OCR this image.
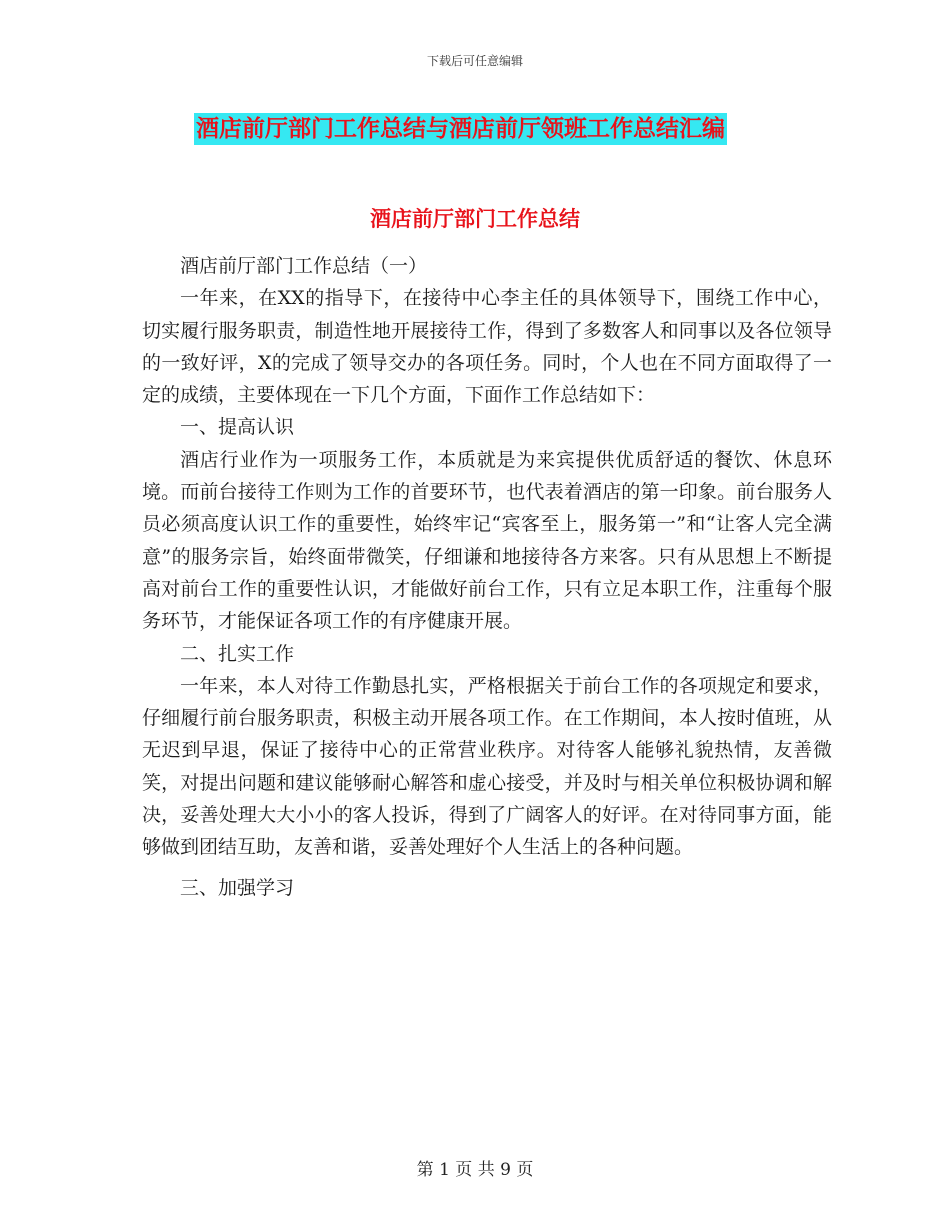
下载后可任意编辑
酒店前厅部门工作总结与酒店前厅领班工作总结汇编
酒店前厅部门工作总结

酒店前厅部门工作总结（一）

一年来，在XX的指导下，在接待中心李主任的具体领导下，围绕工作中心，切实履行服务职责，制造性地开展接待工作，得到了多数客人和同事以及各位领导的一致好评，X的完成了领导交办的各项任务。同时，个人也在不同方面取得了一定的成绩，主要体现在一下几个方面，下面作工作总结如下：

一、提高认识

酒店行业作为一项服务工作，本质就是为来宾提供优质舒适的餐饮、休息环境。而前台接待工作则为工作的首要环节，也代表着酒店的第一印象。前台服务人员必须高度认识工作的重要性，始终牢记“宾客至上，服务第一”和“让客人完全满意”的服务宗旨，始终面带微笑，仔细谦和地接待各方来客。只有从思想上不断提高对前台工作的重要性认识，才能做好前台工作，只有立足本职工作，注重每个服务环节，才能保证各项工作的有序健康开展。

二、扎实工作

一年来，本人对待工作勤恳扎实，严格根据关于前台工作的各项规定和要求，仔细履行前台服务职责，积极主动开展各项工作。在工作期间，本人按时值班，从无迟到早退，保证了接待中心的正常营业秩序。对待客人能够礼貌热情，友善微笑，对提出问题和建议能够耐心解答和虚心接受，并及时与相关单位积极协调和解决，妥善处理大大小小的客人投诉，得到了广阔客人的好评。在对待同事方面，能够做到团结互助，友善和谐，妥善处理好个人生活上的各种问题。

三、加强学习

第 1 页 共 9 页
